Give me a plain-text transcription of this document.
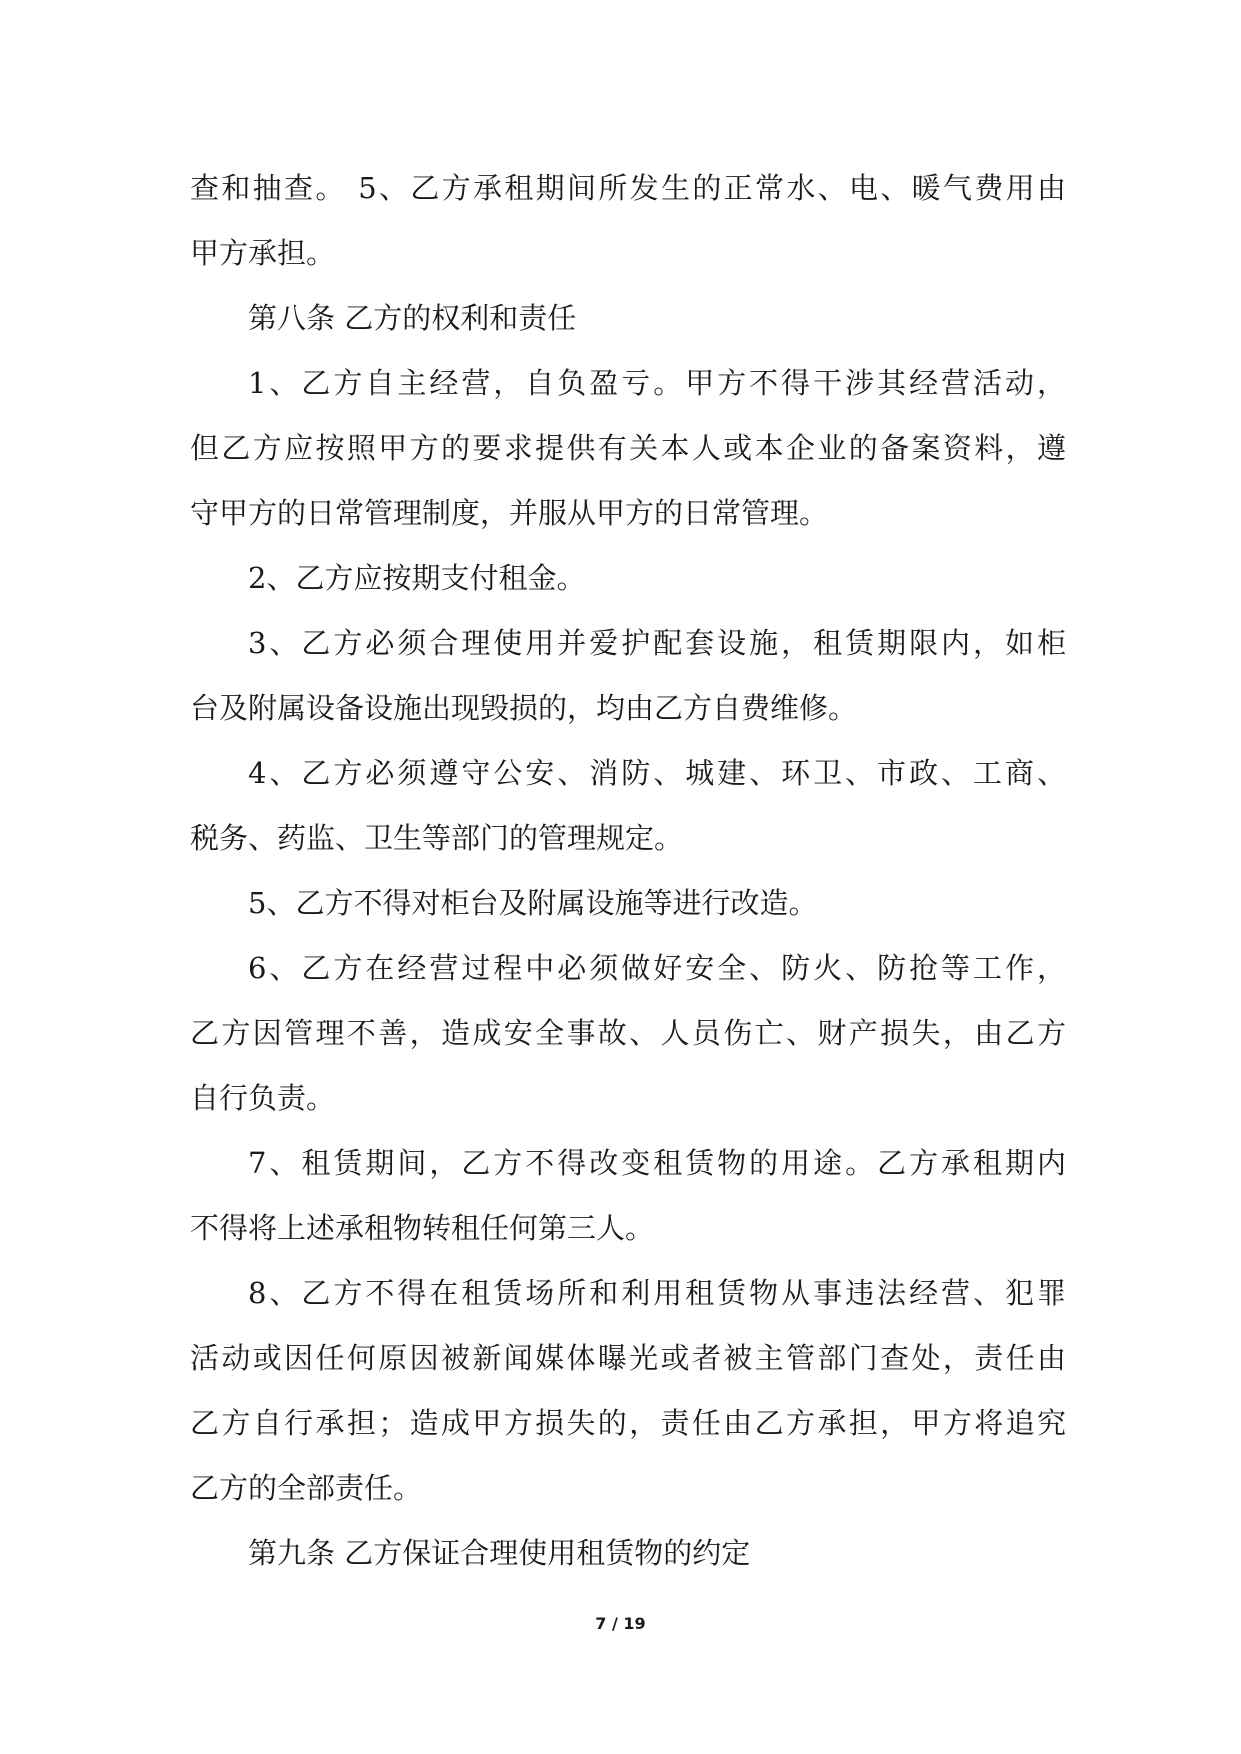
查和抽查。 5、乙方承租期间所发生的正常水、电、暖气费用由
甲方承担。
第八条 乙方的权利和责任
1、乙方自主经营，自负盈亏。甲方不得干涉其经营活动，
但乙方应按照甲方的要求提供有关本人或本企业的备案资料，遵
守甲方的日常管理制度，并服从甲方的日常管理。
2、乙方应按期支付租金。
3、乙方必须合理使用并爱护配套设施，租赁期限内，如柜
台及附属设备设施出现毁损的，均由乙方自费维修。
4、乙方必须遵守公安、消防、城建、环卫、市政、工商、
税务、药监、卫生等部门的管理规定。
5、乙方不得对柜台及附属设施等进行改造。
6、乙方在经营过程中必须做好安全、防火、防抢等工作，
乙方因管理不善，造成安全事故、人员伤亡、财产损失，由乙方
自行负责。
7、租赁期间，乙方不得改变租赁物的用途。乙方承租期内
不得将上述承租物转租任何第三人。
8、乙方不得在租赁场所和利用租赁物从事违法经营、犯罪
活动或因任何原因被新闻媒体曝光或者被主管部门查处，责任由
乙方自行承担；造成甲方损失的，责任由乙方承担，甲方将追究
乙方的全部责任。
第九条 乙方保证合理使用租赁物的约定
7 / 19
